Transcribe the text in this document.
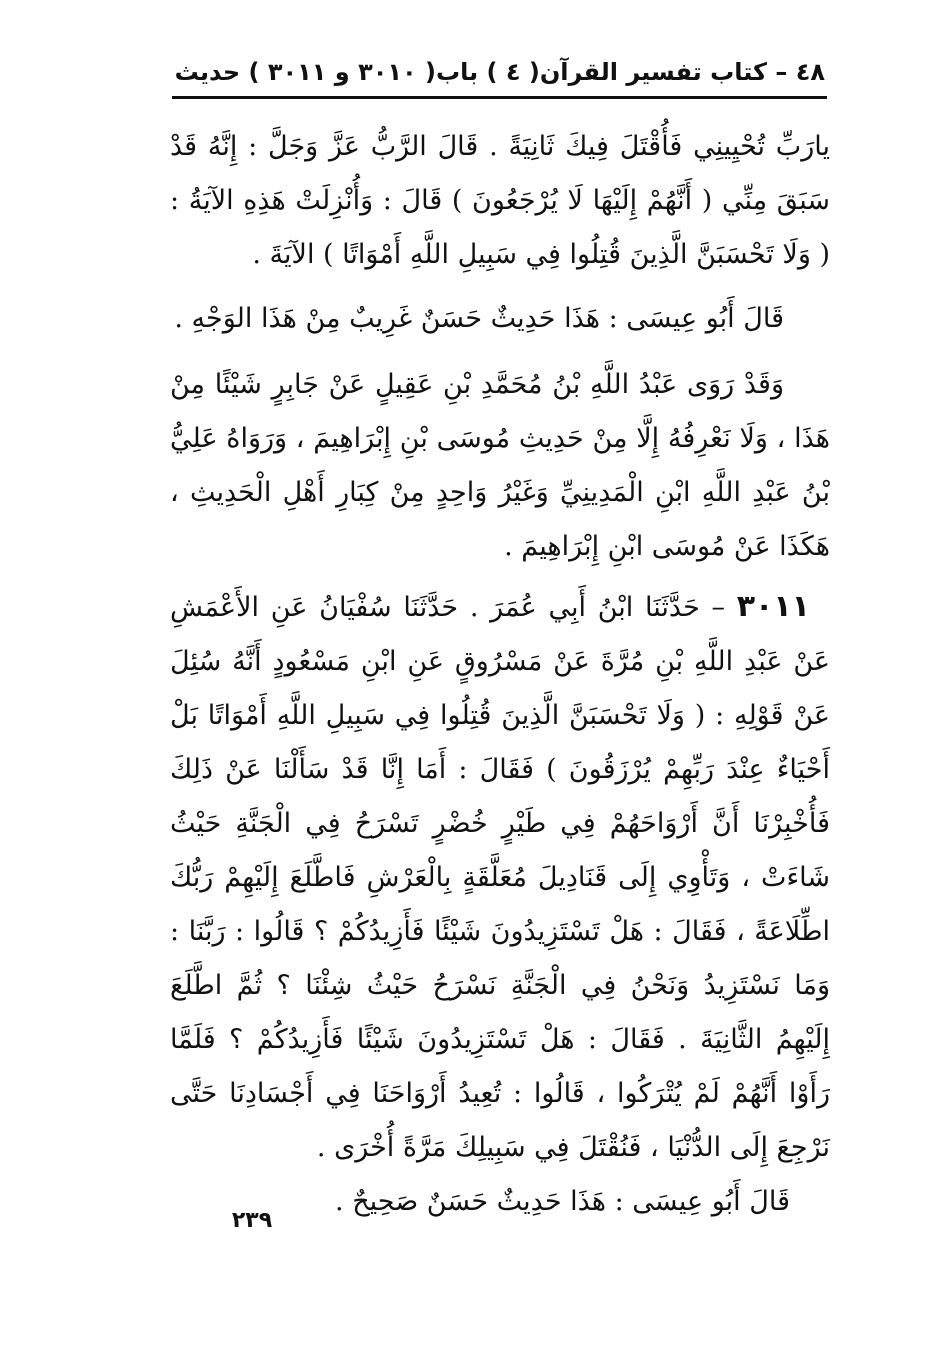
٤٨ – كتاب تفسير القرآن
( ٤ ) باب
( ٣٠١٠ و ٣٠١١ ) حديث

يارَبِّ تُحْيِينِي فَأُقْتَلَ فِيكَ ثَانِيَةً . قَالَ الرَّبُّ عَزَّ وَجَلَّ : إِنَّهُ قَدْ سَبَقَ مِنِّي ( أَنَّهُمْ إِلَيْهَا لَا يُرْجَعُونَ ) قَالَ : وَأُنْزِلَتْ هَذِهِ الآيَةُ : ( وَلَا تَحْسَبَنَّ الَّذِينَ قُتِلُوا فِي سَبِيلِ اللَّهِ أَمْوَاتًا ) الآيَةَ .

قَالَ أَبُو عِيسَى : هَذَا حَدِيثٌ حَسَنٌ غَرِيبٌ مِنْ هَذَا الوَجْهِ .

وَقَدْ رَوَى عَبْدُ اللَّهِ بْنُ مُحَمَّدِ بْنِ عَقِيلٍ عَنْ جَابِرٍ شَيْئًا مِنْ هَذَا ، وَلَا نَعْرِفُهُ إِلَّا مِنْ حَدِيثِ مُوسَى بْنِ إِبْرَاهِيمَ ، وَرَوَاهُ عَلِيُّ بْنُ عَبْدِ اللَّهِ ابْنِ الْمَدِينِيِّ وَغَيْرُ وَاحِدٍ مِنْ كِبَارِ أَهْلِ الْحَدِيثِ ، هَكَذَا عَنْ مُوسَى ابْنِ إِبْرَاهِيمَ .

٣٠١١ – حَدَّثَنَا ابْنُ أَبِي عُمَرَ . حَدَّثَنَا سُفْيَانُ عَنِ الأَعْمَشِ عَنْ عَبْدِ اللَّهِ بْنِ مُرَّةَ عَنْ مَسْرُوقٍ عَنِ ابْنِ مَسْعُودٍ أَنَّهُ سُئِلَ عَنْ قَوْلِهِ : ( وَلَا تَحْسَبَنَّ الَّذِينَ قُتِلُوا فِي سَبِيلِ اللَّهِ أَمْوَاتًا بَلْ أَحْيَاءٌ عِنْدَ رَبِّهِمْ يُرْزَقُونَ ) فَقَالَ : أَمَا إِنَّا قَدْ سَأَلْنَا عَنْ ذَلِكَ فَأُخْبِرْنَا أَنَّ أَرْوَاحَهُمْ فِي طَيْرٍ خُضْرٍ تَسْرَحُ فِي الْجَنَّةِ حَيْثُ شَاءَتْ ، وَتَأْوِي إِلَى قَنَادِيلَ مُعَلَّقَةٍ بِالْعَرْشِ فَاطَّلَعَ إِلَيْهِمْ رَبُّكَ اطِّلَاعَةً ، فَقَالَ : هَلْ تَسْتَزِيدُونَ شَيْئًا فَأَزِيدُكُمْ ؟ قَالُوا : رَبَّنَا : وَمَا نَسْتَزِيدُ وَنَحْنُ فِي الْجَنَّةِ نَسْرَحُ حَيْثُ شِئْنَا ؟ ثُمَّ اطَّلَعَ إِلَيْهِمُ الثَّانِيَةَ . فَقَالَ : هَلْ تَسْتَزِيدُونَ شَيْئًا فَأَزِيدُكُمْ ؟ فَلَمَّا رَأَوْا أَنَّهُمْ لَمْ يُتْرَكُوا ، قَالُوا : تُعِيدُ أَرْوَاحَنَا فِي أَجْسَادِنَا حَتَّى نَرْجِعَ إِلَى الدُّنْيَا ، فَنُقْتَلَ فِي سَبِيلِكَ مَرَّةً أُخْرَى .

قَالَ أَبُو عِيسَى : هَذَا حَدِيثٌ حَسَنٌ صَحِيحٌ .

٢٣٩
